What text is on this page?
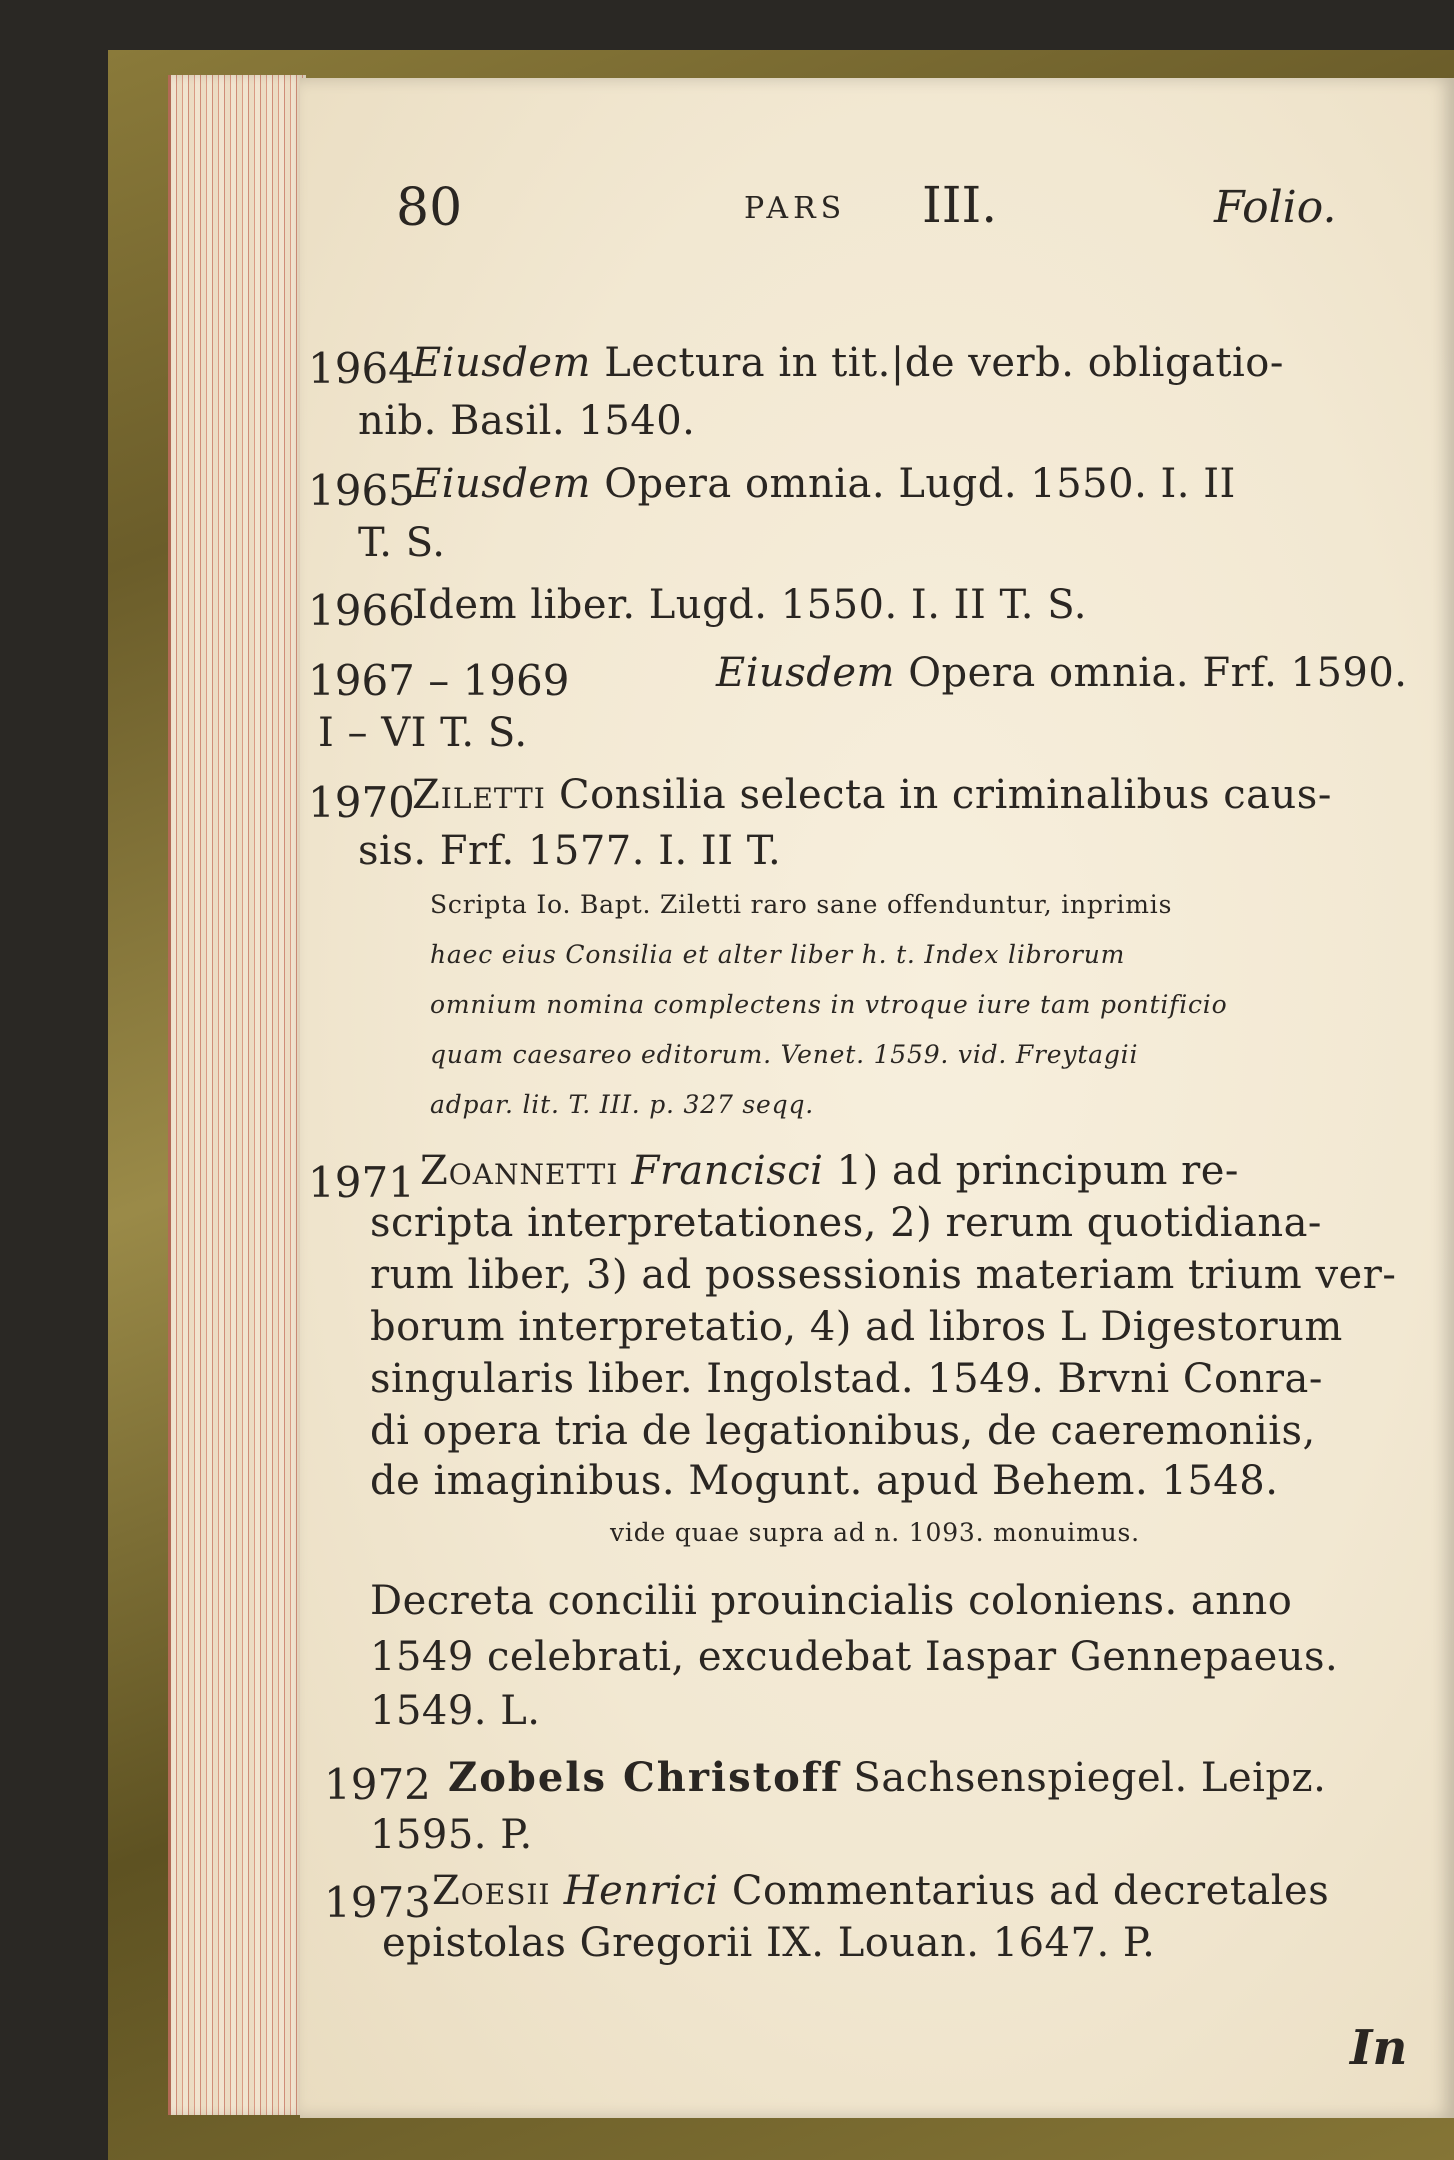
80	PARS III.	Folio.
1964
Eiusdem Lectura in tit.|de verb. obligatio-
nib. Basil. 1540.
1965
Eiusdem Opera omnia. Lugd. 1550. I. II
T. S.
1966
Idem liber. Lugd. 1550. I. II T. S.
1967 – 1969	Eiusdem Opera omnia. Frf. 1590.
I – VI T. S.
1970
Ziletti Consilia selecta in criminalibus caus-
sis. Frf. 1577. I. II T.
Scripta Io. Bapt. Ziletti raro sane offenduntur, inprimis
haec eius Consilia et alter liber h. t. Index librorum
omnium nomina complectens in vtroque iure tam pontificio
quam caesareo editorum. Venet. 1559. vid. Freytagii
adpar. lit. T. III. p. 327 seqq.
1971 Zoannetti Francisci 1) ad principum re-
scripta interpretationes, 2) rerum quotidiana-
rum liber, 3) ad possessionis materiam trium ver-
borum interpretatio, 4) ad libros L Digestorum
singularis liber. Ingolstad. 1549. Brvni Conra-
di opera tria de legationibus, de caeremoniis,
de imaginibus. Mogunt. apud Behem. 1548.
vide quae supra ad n. 1093. monuimus.
Decreta concilii prouincialis coloniens. anno
1549 celebrati, excudebat Iaspar Gennepaeus.
1549. L.
1972 Zobels Christoff Sachsenspiegel. Leipz.
1595. P.
1973 Zoesii Henrici Commentarius ad decretales
epistolas Gregorii IX. Louan. 1647. P.
In
